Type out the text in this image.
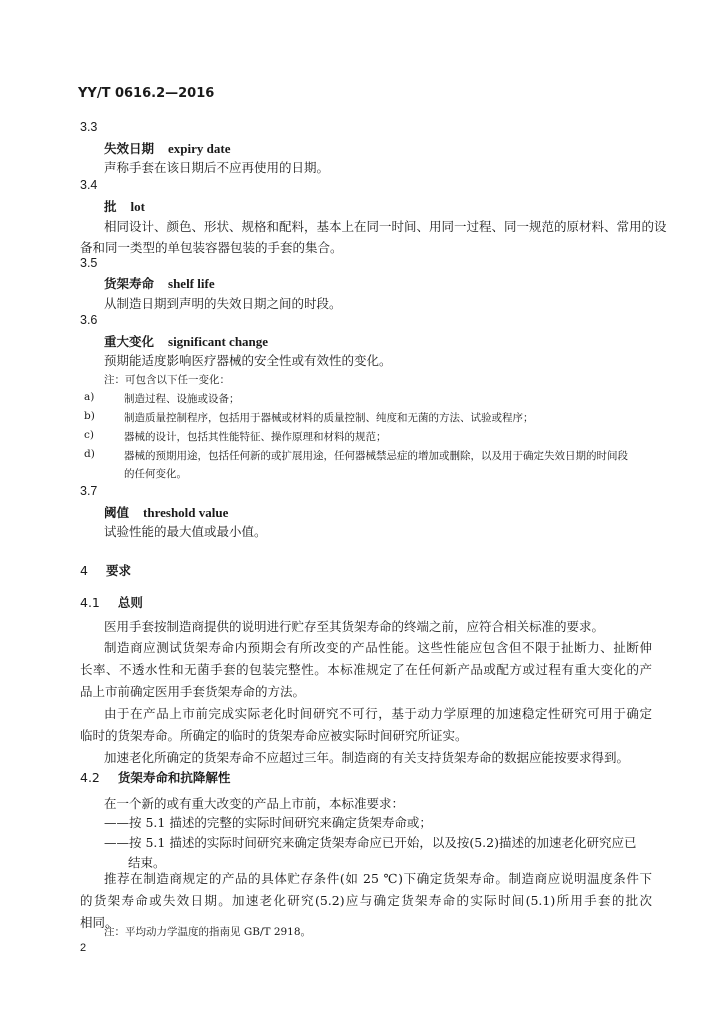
YY/T 0616.2—2016
3.3
失效日期 expiry date
声称手套在该日期后不应再使用的日期。
3.4
批 lot
相同设计、颜色、形状、规格和配料，基本上在同一时间、用同一过程、同一规范的原材料、常用的设
备和同一类型的单包装容器包装的手套的集合。
3.5
货架寿命 shelf life
从制造日期到声明的失效日期之间的时段。
3.6
重大变化 significant change
预期能适度影响医疗器械的安全性或有效性的变化。
注：可包含以下任一变化：
a)	制造过程、设施或设备；
b)	制造质量控制程序，包括用于器械或材料的质量控制、纯度和无菌的方法、试验或程序；
c)	器械的设计，包括其性能特征、操作原理和材料的规范；
d)	器械的预期用途，包括任何新的或扩展用途，任何器械禁忌症的增加或删除，以及用于确定失效日期的时间段
的任何变化。
3.7
阈值 threshold value
试验性能的最大值或最小值。
4 要求
4.1 总则
医用手套按制造商提供的说明进行贮存至其货架寿命的终端之前，应符合相关标准的要求。
制造商应测试货架寿命内预期会有所改变的产品性能。这些性能应包含但不限于扯断力、扯断伸
长率、不透水性和无菌手套的包装完整性。本标准规定了在任何新产品或配方或过程有重大变化的产
品上市前确定医用手套货架寿命的方法。
由于在产品上市前完成实际老化时间研究不可行，基于动力学原理的加速稳定性研究可用于确定
临时的货架寿命。所确定的临时的货架寿命应被实际时间研究所证实。
加速老化所确定的货架寿命不应超过三年。制造商的有关支持货架寿命的数据应能按要求得到。
4.2 货架寿命和抗降解性
在一个新的或有重大改变的产品上市前，本标准要求：
——按 5.1 描述的完整的实际时间研究来确定货架寿命或；
——按 5.1 描述的实际时间研究来确定货架寿命应已开始，以及按(5.2)描述的加速老化研究应已
结束。
推荐在制造商规定的产品的具体贮存条件(如 25 ℃)下确定货架寿命。制造商应说明温度条件下
的货架寿命或失效日期。加速老化研究(5.2)应与确定货架寿命的实际时间(5.1)所用手套的批次
相同。
注：平均动力学温度的指南见 GB/T 2918。
2
